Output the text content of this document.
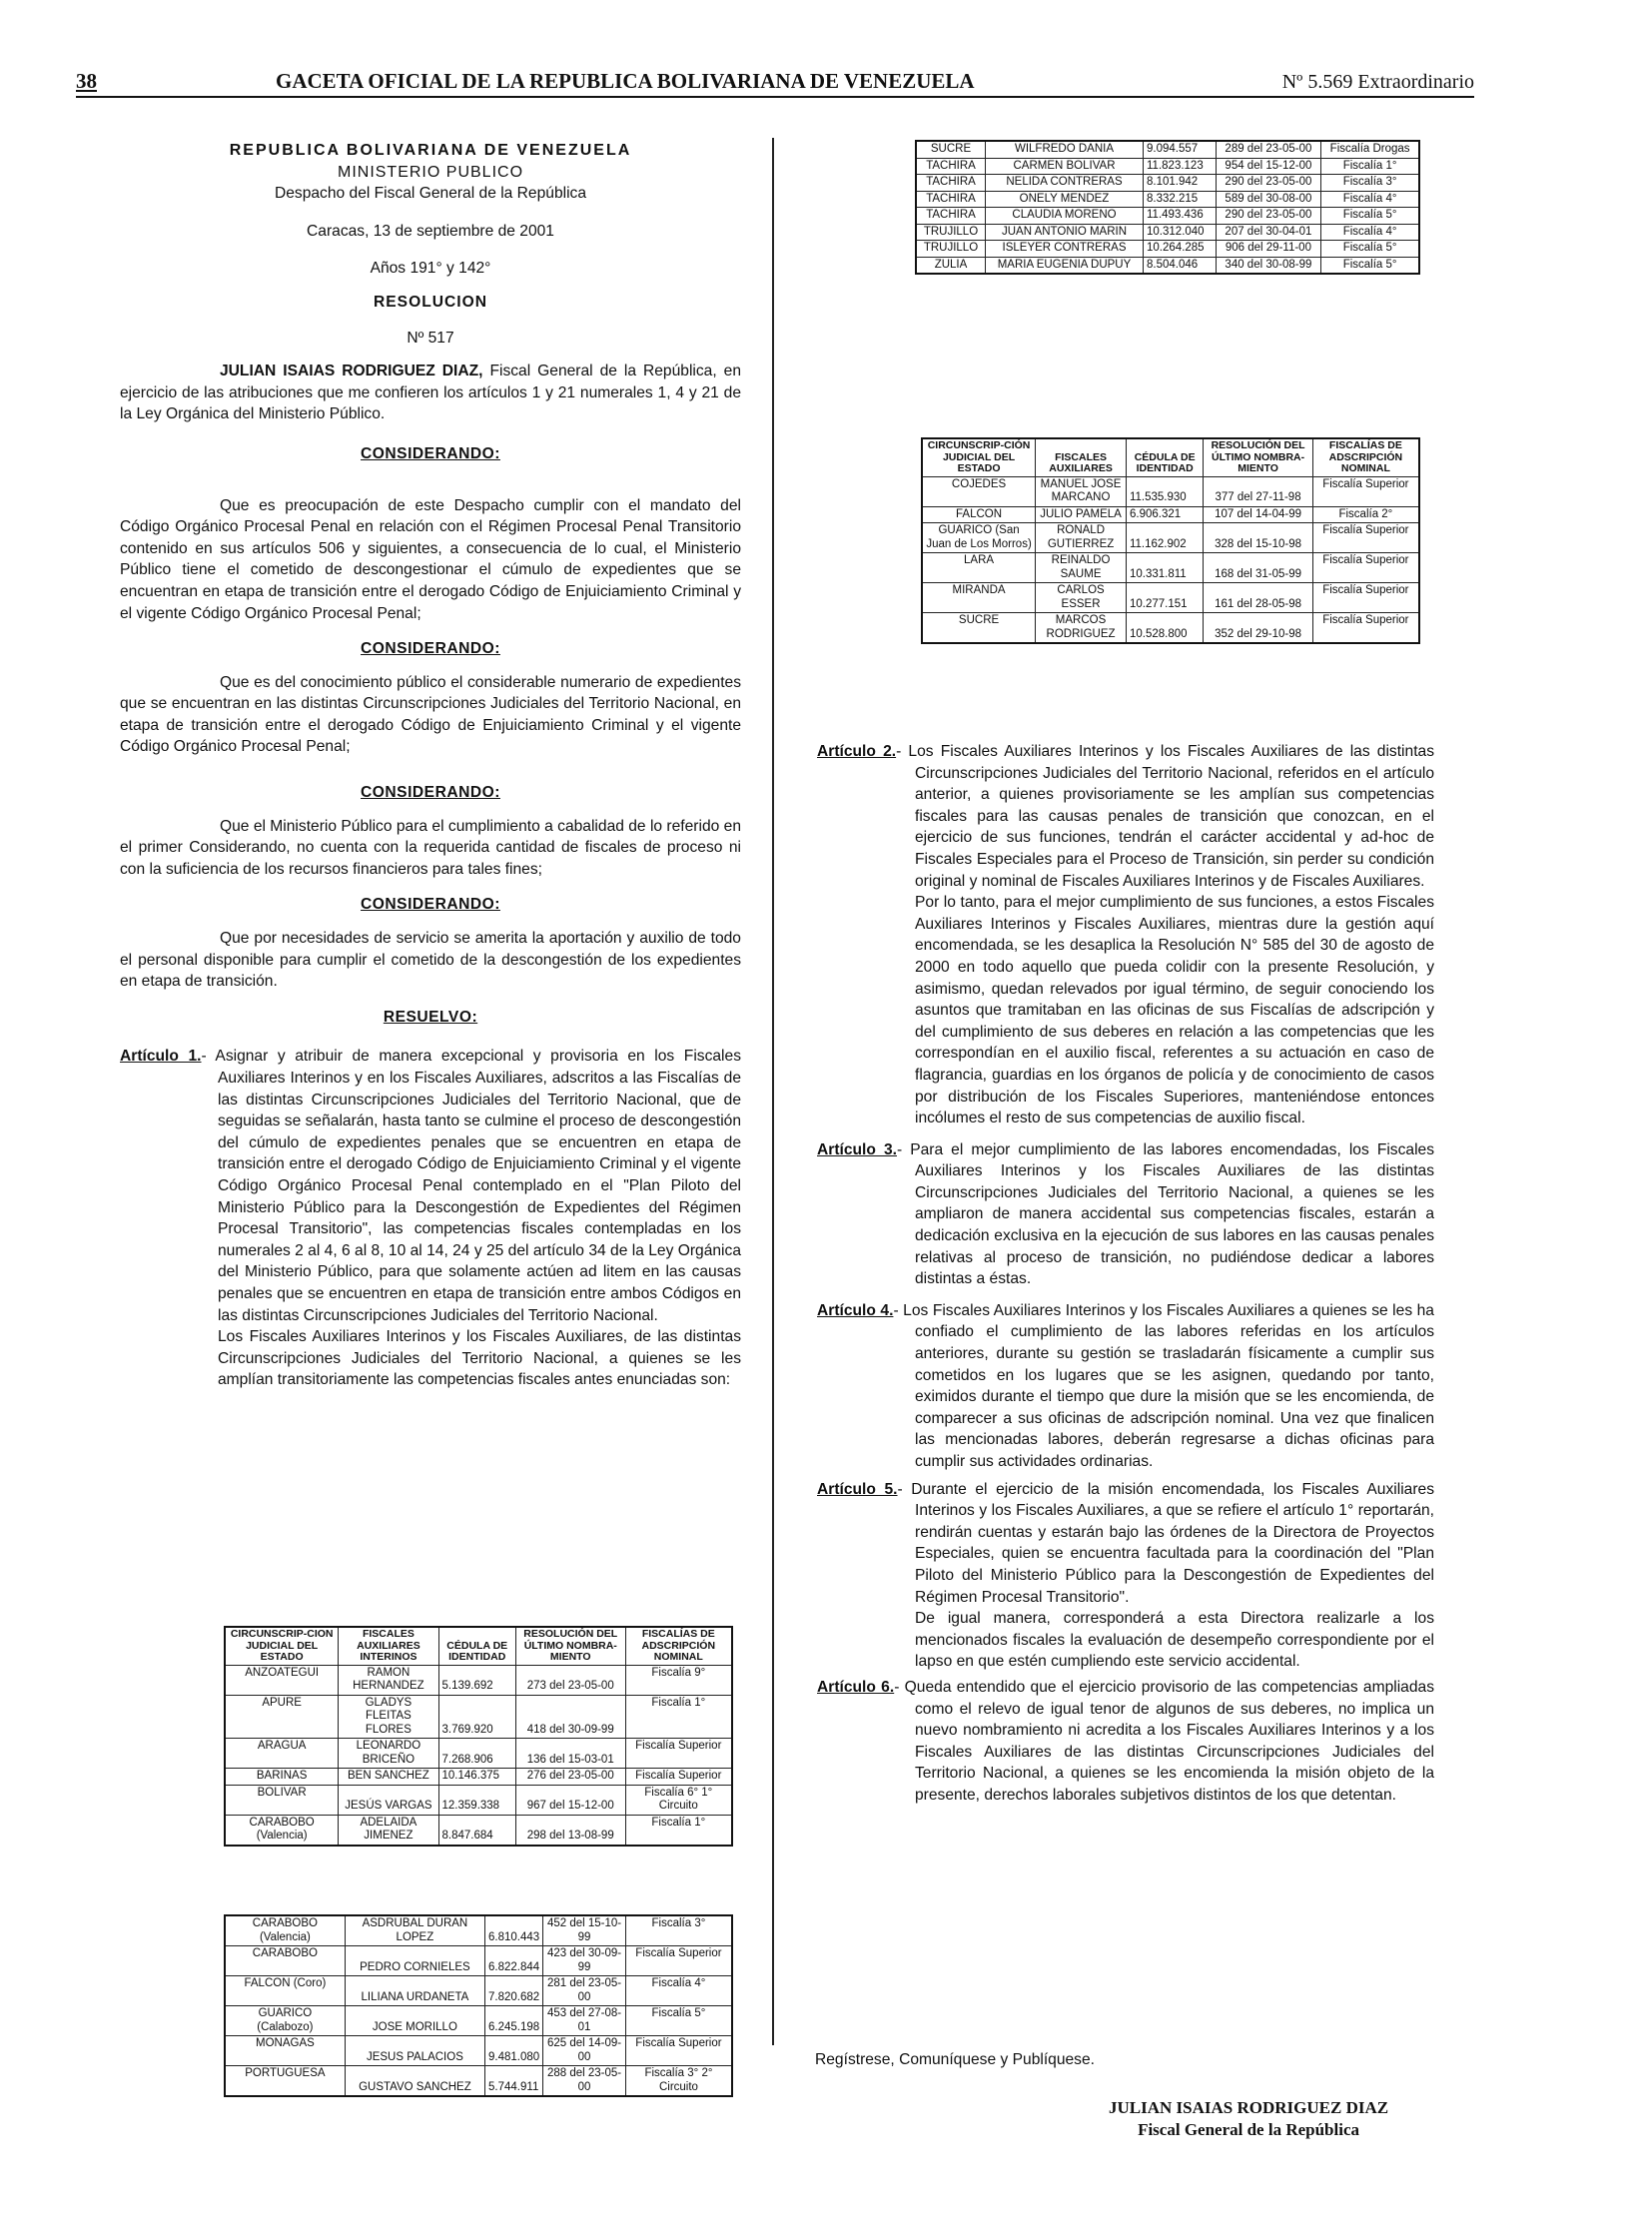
38	GACETA OFICIAL DE LA REPUBLICA BOLIVARIANA DE VENEZUELA	Nº 5.569 Extraordinario

REPUBLICA BOLIVARIANA DE VENEZUELA

MINISTERIO PUBLICO

Despacho del Fiscal General de la República

Caracas, 13 de septiembre de 2001

Años 191° y 142°

RESOLUCION

Nº 517

JULIAN ISAIAS RODRIGUEZ DIAZ, Fiscal General de la República, en ejercicio de las atribuciones que me confieren los artículos 1 y 21 numerales 1, 4 y 21 de la Ley Orgánica del Ministerio Público.

CONSIDERANDO:

Que es preocupación de este Despacho cumplir con el mandato del Código Orgánico Procesal Penal en relación con el Régimen Procesal Penal Transitorio contenido en sus artículos 506 y siguientes, a consecuencia de lo cual, el Ministerio Público tiene el cometido de descongestionar el cúmulo de expedientes que se encuentran en etapa de transición entre el derogado Código de Enjuiciamiento Criminal y el vigente Código Orgánico Procesal Penal;

CONSIDERANDO:

Que es del conocimiento público el considerable numerario de expedientes que se encuentran en las distintas Circunscripciones Judiciales del Territorio Nacional, en etapa de transición entre el derogado Código de Enjuiciamiento Criminal y el vigente Código Orgánico Procesal Penal;

CONSIDERANDO:

Que el Ministerio Público para el cumplimiento a cabalidad de lo referido en el primer Considerando, no cuenta con la requerida cantidad de fiscales de proceso ni con la suficiencia de los recursos financieros para tales fines;

CONSIDERANDO:

Que por necesidades de servicio se amerita la aportación y auxilio de todo el personal disponible para cumplir el cometido de la descongestión de los expedientes en etapa de transición.

RESUELVO:

Artículo 1.- Asignar y atribuir de manera excepcional y provisoria en los Fiscales Auxiliares Interinos y en los Fiscales Auxiliares, adscritos a las Fiscalías de las distintas Circunscripciones Judiciales del Territorio Nacional, que de seguidas se señalarán, hasta tanto se culmine el proceso de descongestión del cúmulo de expedientes penales que se encuentren en etapa de transición entre el derogado Código de Enjuiciamiento Criminal y el vigente Código Orgánico Procesal Penal contemplado en el "Plan Piloto del Ministerio Público para la Descongestión de Expedientes del Régimen Procesal Transitorio", las competencias fiscales contempladas en los numerales 2 al 4, 6 al 8, 10 al 14, 24 y 25 del artículo 34 de la Ley Orgánica del Ministerio Público, para que solamente actúen ad litem en las causas penales que se encuentren en etapa de transición entre ambos Códigos en las distintas Circunscripciones Judiciales del Territorio Nacional.

Los Fiscales Auxiliares Interinos y los Fiscales Auxiliares, de las distintas Circunscripciones Judiciales del Territorio Nacional, a quienes se les amplían transitoriamente las competencias fiscales antes enunciadas son:

CIRCUNSCRIP-CION JUDICIAL DEL ESTADO	FISCALES AUXILIARES INTERINOS	CÉDULA DE IDENTIDAD	RESOLUCIÓN DEL ÚLTIMO NOMBRA-MIENTO	FISCALÍAS DE ADSCRIPCIÓN NOMINAL
ANZOATEGUI	RAMON HERNANDEZ	5.139.692	273 del 23-05-00	Fiscalía 9°
APURE	GLADYS FLEITAS FLORES	3.769.920	418 del 30-09-99	Fiscalía 1°
ARAGUA	LEONARDO BRICEÑO	7.268.906	136 del 15-03-01	Fiscalía Superior
BARINAS	BEN SANCHEZ	10.146.375	276 del 23-05-00	Fiscalía Superior
BOLIVAR	JESÚS VARGAS	12.359.338	967 del 15-12-00	Fiscalía 6° 1° Circuito
CARABOBO (Valencia)	ADELAIDA JIMENEZ	8.847.684	298 del 13-08-99	Fiscalía 1°
CARABOBO (Valencia)	ASDRUBAL DURAN LOPEZ	6.810.443	452 del 15-10-99	Fiscalía 3°
CARABOBO	PEDRO CORNIELES	6.822.844	423 del 30-09-99	Fiscalía Superior
FALCON (Coro)	LILIANA URDANETA	7.820.682	281 del 23-05-00	Fiscalía 4°
GUARICO (Calabozo)	JOSE MORILLO	6.245.198	453 del 27-08-01	Fiscalía 5°
MONAGAS	JESUS PALACIOS	9.481.080	625 del 14-09-00	Fiscalía Superior
PORTUGUESA	GUSTAVO SANCHEZ	5.744.911	288 del 23-05-00	Fiscalía 3° 2° Circuito
SUCRE	WILFREDO DANIA	9.094.557	289 del 23-05-00	Fiscalía Drogas
TACHIRA	CARMEN BOLIVAR	11.823.123	954 del 15-12-00	Fiscalía 1°
TACHIRA	NELIDA CONTRERAS	8.101.942	290 del 23-05-00	Fiscalía 3°
TACHIRA	ONELY MENDEZ	8.332.215	589 del 30-08-00	Fiscalía 4°
TACHIRA	CLAUDIA MORENO	11.493.436	290 del 23-05-00	Fiscalía 5°
TRUJILLO	JUAN ANTONIO MARIN	10.312.040	207 del 30-04-01	Fiscalía 4°
TRUJILLO	ISLEYER CONTRERAS	10.264.285	906 del 29-11-00	Fiscalía 5°
ZULIA	MARIA EUGENIA DUPUY	8.504.046	340 del 30-08-99	Fiscalía 5°
CIRCUNSCRIP-CIÓN JUDICIAL DEL ESTADO	FISCALES AUXILIARES	CÉDULA DE IDENTIDAD	RESOLUCIÓN DEL ÚLTIMO NOMBRA-MIENTO	FISCALÍAS DE ADSCRIPCIÓN NOMINAL
COJEDES	MANUEL JOSE MARCANO	11.535.930	377 del 27-11-98	Fiscalía Superior
FALCON	JULIO PAMELA	6.906.321	107 del 14-04-99	Fiscalía 2°
GUARICO (San Juan de Los Morros)	RONALD GUTIERREZ	11.162.902	328 del 15-10-98	Fiscalía Superior
LARA	REINALDO SAUME	10.331.811	168 del 31-05-99	Fiscalía Superior
MIRANDA	CARLOS ESSER	10.277.151	161 del 28-05-98	Fiscalía Superior
SUCRE	MARCOS RODRIGUEZ	10.528.800	352 del 29-10-98	Fiscalía Superior

Artículo 2.- Los Fiscales Auxiliares Interinos y los Fiscales Auxiliares de las distintas Circunscripciones Judiciales del Territorio Nacional, referidos en el artículo anterior, a quienes provisoriamente se les amplían sus competencias fiscales para las causas penales de transición que conozcan, en el ejercicio de sus funciones, tendrán el carácter accidental y ad-hoc de Fiscales Especiales para el Proceso de Transición, sin perder su condición original y nominal de Fiscales Auxiliares Interinos y de Fiscales Auxiliares.

Por lo tanto, para el mejor cumplimiento de sus funciones, a estos Fiscales Auxiliares Interinos y Fiscales Auxiliares, mientras dure la gestión aquí encomendada, se les desaplica la Resolución N° 585 del 30 de agosto de 2000 en todo aquello que pueda colidir con la presente Resolución, y asimismo, quedan relevados por igual término, de seguir conociendo los asuntos que tramitaban en las oficinas de sus Fiscalías de adscripción y del cumplimiento de sus deberes en relación a las competencias que les correspondían en el auxilio fiscal, referentes a su actuación en caso de flagrancia, guardias en los órganos de policía y de conocimiento de casos por distribución de los Fiscales Superiores, manteniéndose entonces incólumes el resto de sus competencias de auxilio fiscal.

Artículo 3.- Para el mejor cumplimiento de las labores encomendadas, los Fiscales Auxiliares Interinos y los Fiscales Auxiliares de las distintas Circunscripciones Judiciales del Territorio Nacional, a quienes se les ampliaron de manera accidental sus competencias fiscales, estarán a dedicación exclusiva en la ejecución de sus labores en las causas penales relativas al proceso de transición, no pudiéndose dedicar a labores distintas a éstas.

Artículo 4.- Los Fiscales Auxiliares Interinos y los Fiscales Auxiliares a quienes se les ha confiado el cumplimiento de las labores referidas en los artículos anteriores, durante su gestión se trasladarán físicamente a cumplir sus cometidos en los lugares que se les asignen, quedando por tanto, eximidos durante el tiempo que dure la misión que se les encomienda, de comparecer a sus oficinas de adscripción nominal. Una vez que finalicen las mencionadas labores, deberán regresarse a dichas oficinas para cumplir sus actividades ordinarias.

Artículo 5.- Durante el ejercicio de la misión encomendada, los Fiscales Auxiliares Interinos y los Fiscales Auxiliares, a que se refiere el artículo 1° reportarán, rendirán cuentas y estarán bajo las órdenes de la Directora de Proyectos Especiales, quien se encuentra facultada para la coordinación del "Plan Piloto del Ministerio Público para la Descongestión de Expedientes del Régimen Procesal Transitorio".

De igual manera, corresponderá a esta Directora realizarle a los mencionados fiscales la evaluación de desempeño correspondiente por el lapso en que estén cumpliendo este servicio accidental.

Artículo 6.- Queda entendido que el ejercicio provisorio de las competencias ampliadas como el relevo de igual tenor de algunos de sus deberes, no implica un nuevo nombramiento ni acredita a los Fiscales Auxiliares Interinos y a los Fiscales Auxiliares de las distintas Circunscripciones Judiciales del Territorio Nacional, a quienes se les encomienda la misión objeto de la presente, derechos laborales subjetivos distintos de los que detentan.

Regístrese, Comuníquese y Publíquese.
JULIAN ISAIAS RODRIGUEZ DIAZ
Fiscal General de la República
